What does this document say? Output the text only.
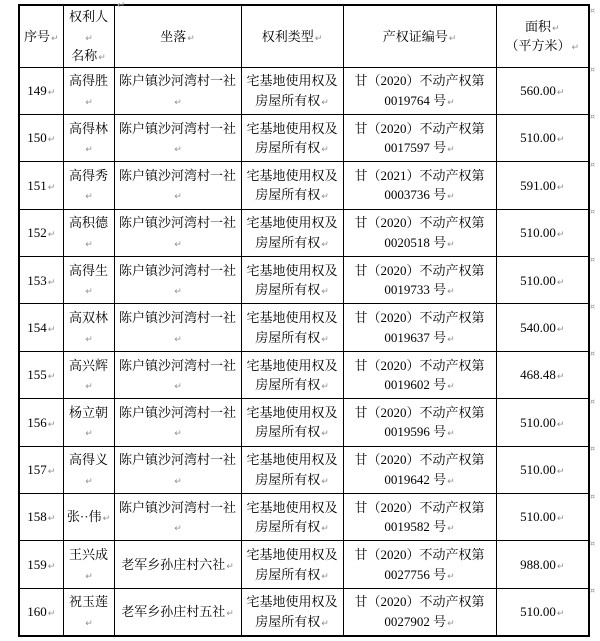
↵
序号↵	权利人↵
名称↵	坐落↵	权利类型↵	产权证编号↵	面积↵
（平方米）↵

149↵	高得胜↵	陈户镇沙河湾村一社↵	宅基地使用权及
房屋所有权↵	甘（2020）不动产权第
0019764 号↵	560.00↵
150↵	高得林↵	陈户镇沙河湾村一社↵	宅基地使用权及
房屋所有权↵	甘（2020）不动产权第
0017597 号↵	510.00↵
151↵	高得秀↵	陈户镇沙河湾村一社↵	宅基地使用权及
房屋所有权↵	甘（2021）不动产权第
0003736 号↵	591.00↵
152↵	高积德↵	陈户镇沙河湾村一社↵	宅基地使用权及
房屋所有权↵	甘（2020）不动产权第
0020518 号↵	510.00↵
153↵	高得生↵	陈户镇沙河湾村一社↵	宅基地使用权及
房屋所有权↵	甘（2020）不动产权第
0019733 号↵	510.00↵
154↵	高双林↵	陈户镇沙河湾村一社↵	宅基地使用权及
房屋所有权↵	甘（2020）不动产权第
0019637 号↵	540.00↵
155↵	高兴辉↵	陈户镇沙河湾村一社↵	宅基地使用权及
房屋所有权↵	甘（2020）不动产权第
0019602 号↵	468.48↵
156↵	杨立朝↵	陈户镇沙河湾村一社↵	宅基地使用权及
房屋所有权↵	甘（2020）不动产权第
0019596 号↵	510.00↵
157↵	高得义↵	陈户镇沙河湾村一社↵	宅基地使用权及
房屋所有权↵	甘（2020）不动产权第
0019642 号↵	510.00↵
158↵	张··伟↵	陈户镇沙河湾村一社↵	宅基地使用权及
房屋所有权↵	甘（2020）不动产权第
0019582 号↵	510.00↵
159↵	王兴成↵	老军乡孙庄村六社↵	宅基地使用权及
房屋所有权↵	甘（2020）不动产权第
0027756 号↵	988.00↵
160↵	祝玉莲↵	老军乡孙庄村五社↵	宅基地使用权及
房屋所有权↵	甘（2020）不动产权第
0027902 号↵	510.00↵
¤
¤
¤
¤
¤
¤
¤
¤
¤
¤
¤
¤
¤
